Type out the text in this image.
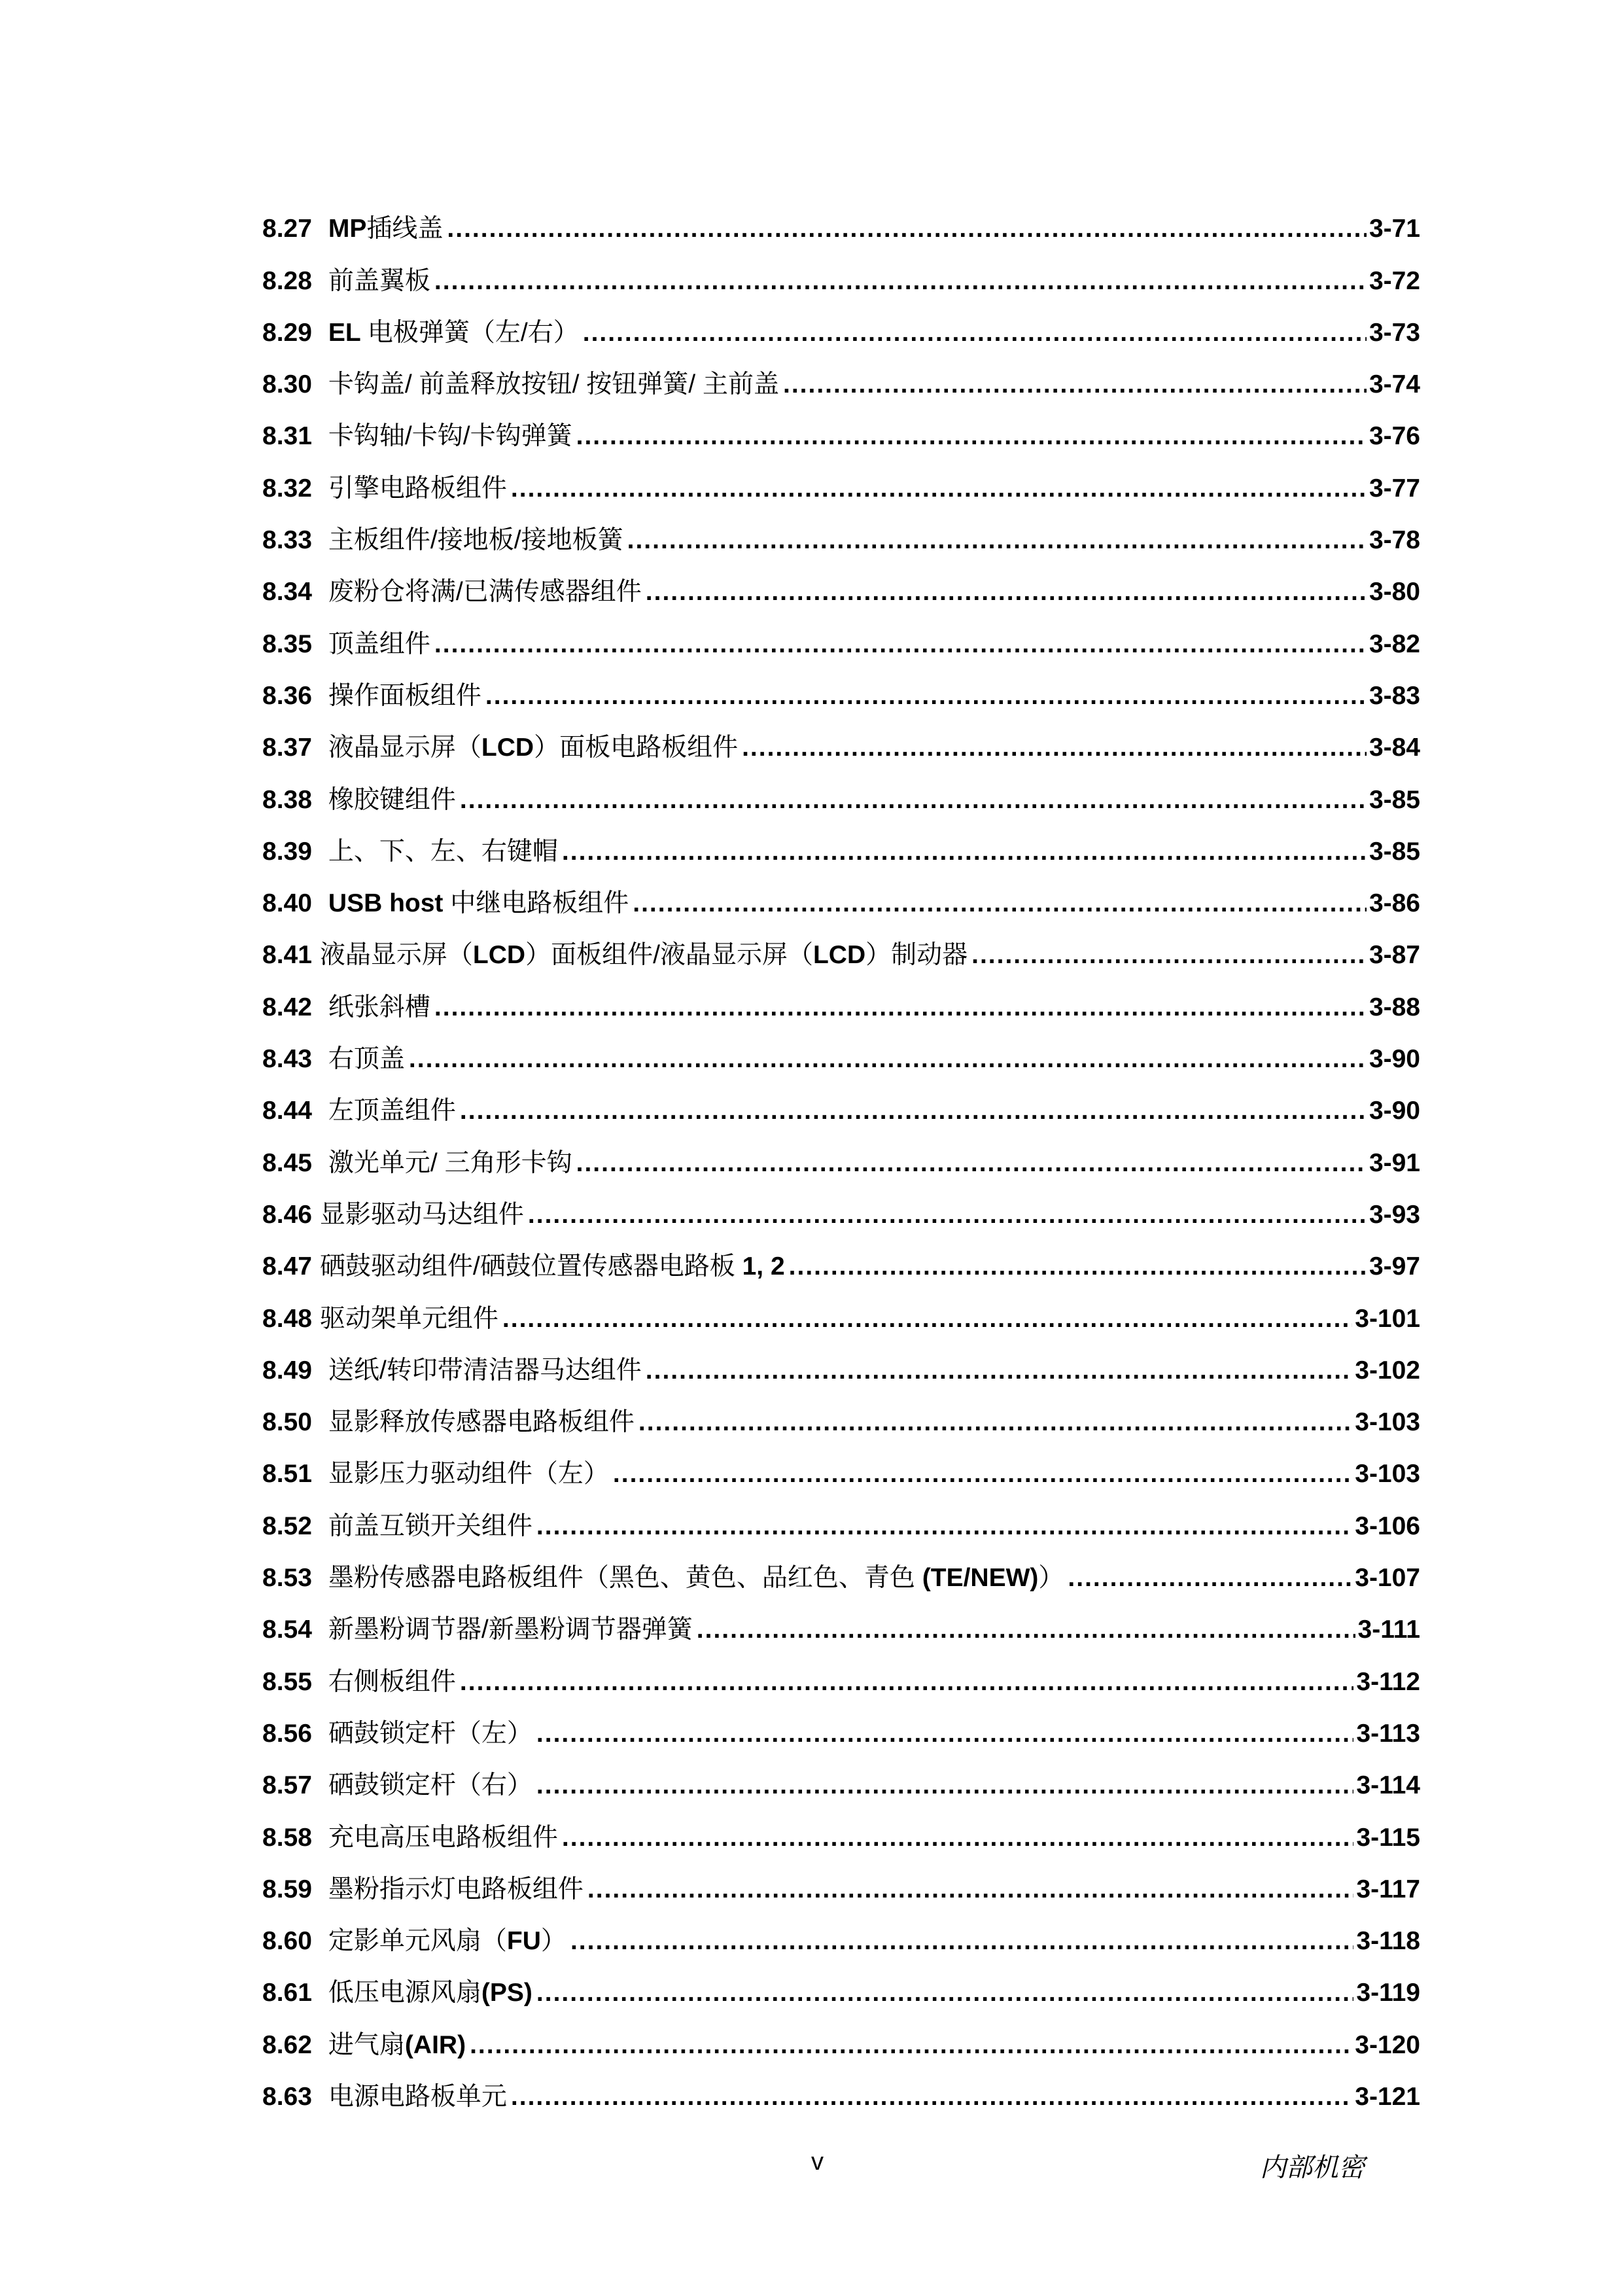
8.27 MP插线盖 .....	3-71
8.28 前盖翼板 .....	3-72
8.29 EL 电极弹簧（左/右） .....	3-73
8.30 卡钩盖/ 前盖释放按钮/ 按钮弹簧/ 主前盖 .....	3-74
8.31 卡钩轴/卡钩/卡钩弹簧 .....	3-76
8.32 引擎电路板组件 .....	3-77
8.33 主板组件/接地板/接地板簧 .....	3-78
8.34 废粉仓将满/已满传感器组件 .....	3-80
8.35 顶盖组件 .....	3-82
8.36 操作面板组件 .....	3-83
8.37 液晶显示屏（LCD）面板电路板组件 .....	3-84
8.38 橡胶键组件 .....	3-85
8.39 上、下、左、右键帽 .....	3-85
8.40 USB host 中继电路板组件 .....	3-86
8.41 液晶显示屏（LCD）面板组件/液晶显示屏（LCD）制动器 .....	3-87
8.42 纸张斜槽 .....	3-88
8.43 右顶盖 .....	3-90
8.44 左顶盖组件 .....	3-90
8.45 激光单元/ 三角形卡钩 .....	3-91
8.46 显影驱动马达组件 .....	3-93
8.47 硒鼓驱动组件/硒鼓位置传感器电路板 1, 2 .....	3-97
8.48 驱动架单元组件 .....	3-101
8.49 送纸/转印带清洁器马达组件 .....	3-102
8.50 显影释放传感器电路板组件 .....	3-103
8.51 显影压力驱动组件（左） .....	3-103
8.52 前盖互锁开关组件 .....	3-106
8.53 墨粉传感器电路板组件（黑色、黄色、品红色、青色 (TE/NEW)） .....	3-107
8.54 新墨粉调节器/新墨粉调节器弹簧 .....	3-111
8.55 右侧板组件 .....	3-112
8.56 硒鼓锁定杆（左） .....	3-113
8.57 硒鼓锁定杆（右） .....	3-114
8.58 充电高压电路板组件 .....	3-115
8.59 墨粉指示灯电路板组件 .....	3-117
8.60 定影单元风扇（FU） .....	3-118
8.61 低压电源风扇(PS) .....	3-119
8.62 进气扇(AIR) .....	3-120
8.63 电源电路板单元 .....	3-121
v	内部机密
